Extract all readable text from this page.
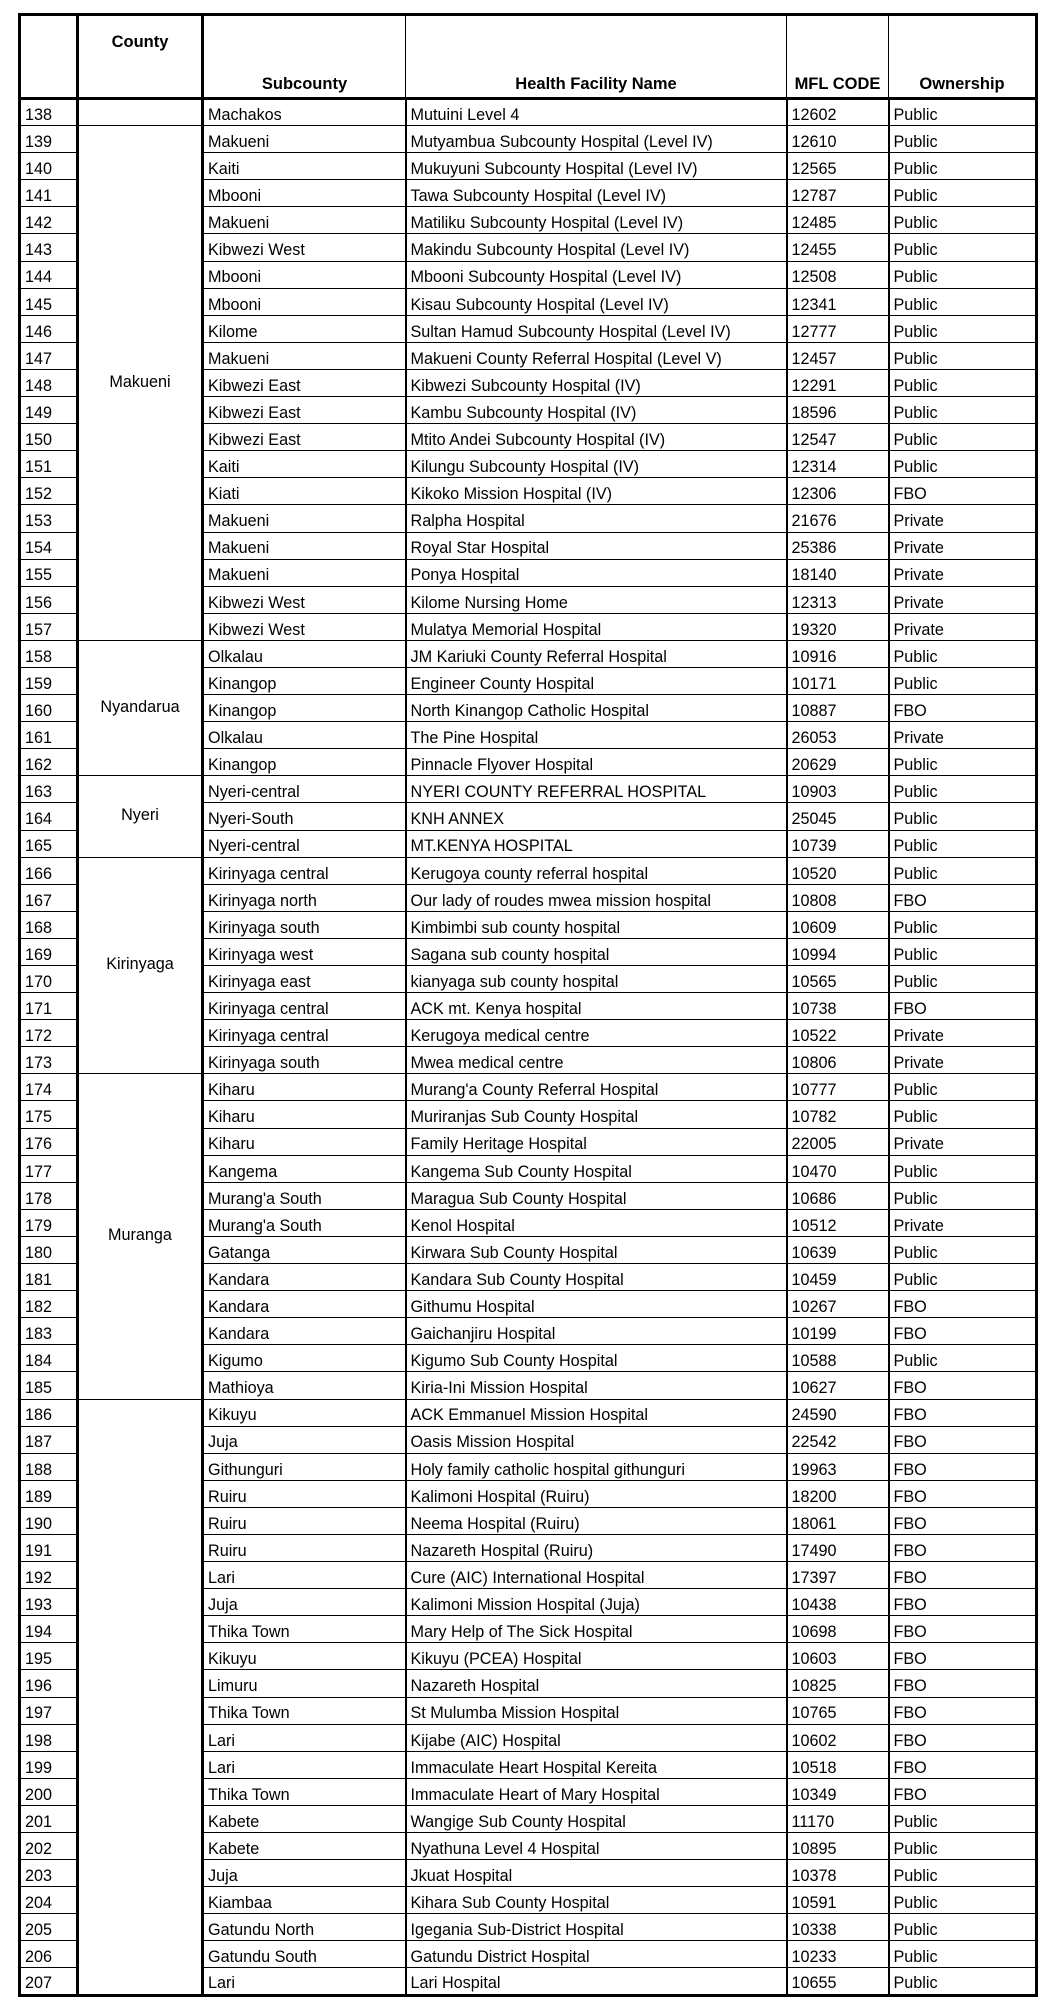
	County	Subcounty	Health Facility Name	MFL CODE	Ownership
138		Machakos	Mutuini Level 4	12602	Public
139	Makueni	Makueni	Mutyambua Subcounty Hospital (Level IV)	12610	Public
140		Kaiti	Mukuyuni Subcounty Hospital (Level IV)	12565	Public
141		Mbooni	Tawa Subcounty Hospital (Level IV)	12787	Public
142		Makueni	Matiliku Subcounty Hospital (Level IV)	12485	Public
143		Kibwezi West	Makindu Subcounty Hospital (Level IV)	12455	Public
144		Mbooni	Mbooni Subcounty Hospital (Level IV)	12508	Public
145		Mbooni	Kisau Subcounty Hospital (Level IV)	12341	Public
146		Kilome	Sultan Hamud Subcounty Hospital (Level IV)	12777	Public
147		Makueni	Makueni County Referral Hospital (Level V)	12457	Public
148		Kibwezi East	Kibwezi Subcounty Hospital (IV)	12291	Public
149		Kibwezi East	Kambu Subcounty Hospital (IV)	18596	Public
150		Kibwezi East	Mtito Andei Subcounty Hospital (IV)	12547	Public
151		Kaiti	Kilungu Subcounty Hospital (IV)	12314	Public
152		Kiati	Kikoko Mission Hospital (IV)	12306	FBO
153		Makueni	Ralpha Hospital	21676	Private
154		Makueni	Royal Star Hospital	25386	Private
155		Makueni	Ponya Hospital	18140	Private
156		Kibwezi West	Kilome Nursing Home	12313	Private
157		Kibwezi West	Mulatya Memorial Hospital	19320	Private
158	Nyandarua	Olkalau	JM Kariuki County Referral Hospital	10916	Public
159		Kinangop	Engineer County Hospital	10171	Public
160		Kinangop	North Kinangop Catholic Hospital	10887	FBO
161		Olkalau	The Pine Hospital	26053	Private
162		Kinangop	Pinnacle Flyover Hospital	20629	Public
163	Nyeri	Nyeri-central	NYERI COUNTY REFERRAL HOSPITAL	10903	Public
164		Nyeri-South	KNH ANNEX	25045	Public
165		Nyeri-central	MT.KENYA HOSPITAL	10739	Public
166	Kirinyaga	Kirinyaga central	Kerugoya county referral hospital	10520	Public
167		Kirinyaga north	Our lady of roudes mwea mission hospital	10808	FBO
168		Kirinyaga south	Kimbimbi sub county hospital	10609	Public
169		Kirinyaga west	Sagana sub county hospital	10994	Public
170		Kirinyaga east	kianyaga sub county hospital	10565	Public
171		Kirinyaga central	ACK mt. Kenya hospital	10738	FBO
172		Kirinyaga central	Kerugoya medical centre	10522	Private
173		Kirinyaga south	Mwea medical centre	10806	Private
174	Muranga	Kiharu	Murang'a County Referral Hospital	10777	Public
175		Kiharu	Muriranjas Sub County Hospital	10782	Public
176		Kiharu	Family Heritage Hospital	22005	Private
177		Kangema	Kangema Sub County Hospital	10470	Public
178		Murang'a South	Maragua Sub County Hospital	10686	Public
179		Murang'a South	Kenol Hospital	10512	Private
180		Gatanga	Kirwara Sub County Hospital	10639	Public
181		Kandara	Kandara Sub County Hospital	10459	Public
182		Kandara	Githumu Hospital	10267	FBO
183		Kandara	Gaichanjiru Hospital	10199	FBO
184		Kigumo	Kigumo Sub County Hospital	10588	Public
185		Mathioya	Kiria-Ini Mission Hospital	10627	FBO
186		Kikuyu	ACK Emmanuel Mission Hospital	24590	FBO
187		Juja	Oasis Mission Hospital	22542	FBO
188		Githunguri	Holy family catholic hospital githunguri	19963	FBO
189		Ruiru	Kalimoni Hospital (Ruiru)	18200	FBO
190		Ruiru	Neema Hospital (Ruiru)	18061	FBO
191		Ruiru	Nazareth Hospital (Ruiru)	17490	FBO
192		Lari	Cure (AIC) International Hospital	17397	FBO
193		Juja	Kalimoni Mission Hospital (Juja)	10438	FBO
194		Thika Town	Mary Help of The Sick Hospital	10698	FBO
195		Kikuyu	Kikuyu (PCEA) Hospital	10603	FBO
196		Limuru	Nazareth Hospital	10825	FBO
197		Thika Town	St Mulumba Mission Hospital	10765	FBO
198		Lari	Kijabe (AIC) Hospital	10602	FBO
199		Lari	Immaculate Heart Hospital Kereita	10518	FBO
200		Thika Town	Immaculate Heart of Mary Hospital	10349	FBO
201		Kabete	Wangige Sub County Hospital	11170	Public
202		Kabete	Nyathuna Level 4 Hospital	10895	Public
203		Juja	Jkuat Hospital	10378	Public
204		Kiambaa	Kihara Sub County Hospital	10591	Public
205		Gatundu North	Igegania Sub-District Hospital	10338	Public
206		Gatundu South	Gatundu District Hospital	10233	Public
207		Lari	Lari Hospital	10655	Public
